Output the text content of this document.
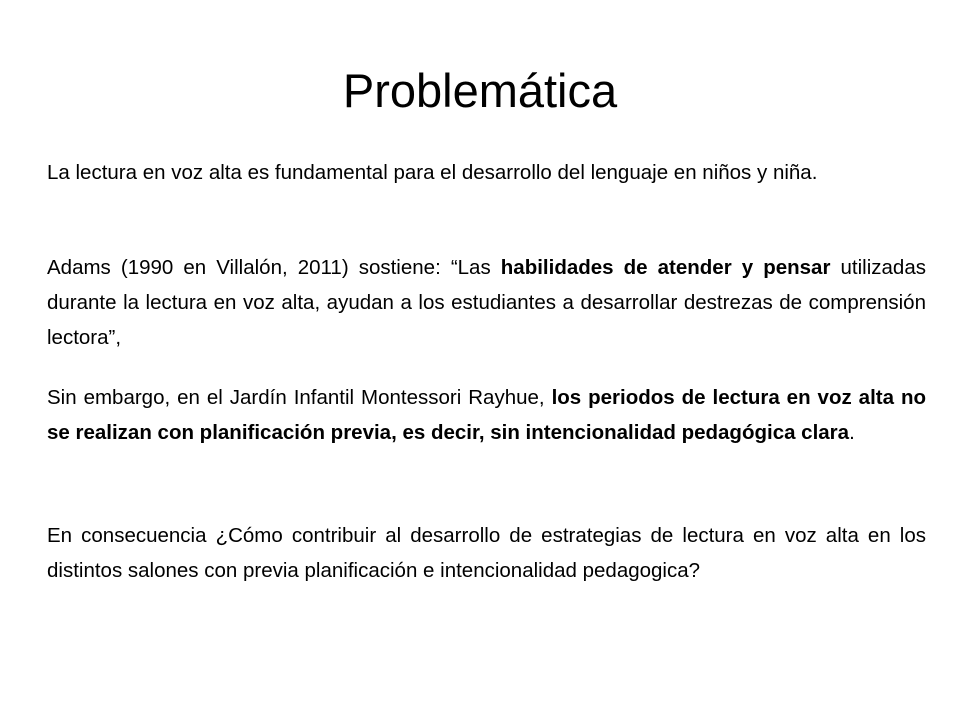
Problemática

La lectura en voz alta es fundamental para el desarrollo del lenguaje en niños y niña.

Adams (1990 en Villalón, 2011) sostiene: “Las habilidades de atender y pensar utilizadas durante la lectura en voz alta, ayudan a los estudiantes a desarrollar destrezas de comprensión lectora”,

Sin embargo, en el Jardín Infantil Montessori Rayhue, los periodos de lectura en voz alta no se realizan con planificación previa, es decir, sin intencionalidad pedagógica clara.

En consecuencia ¿Cómo contribuir al desarrollo de estrategias de lectura en voz alta en los distintos salones con previa planificación e intencionalidad pedagogica?
